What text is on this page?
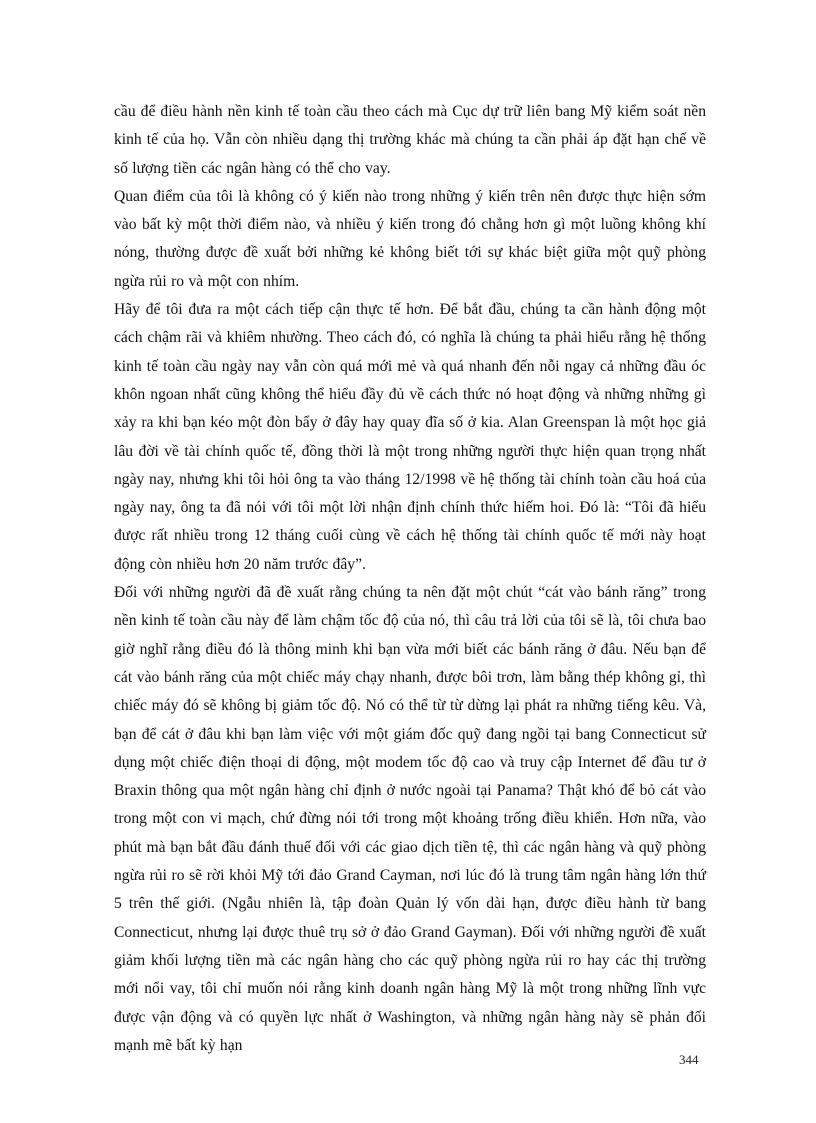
cầu để điều hành nền kinh tế toàn cầu theo cách mà Cục dự trữ liên bang Mỹ kiểm soát nền kinh tế của họ. Vẫn còn nhiều dạng thị trường khác mà chúng ta cần phải áp đặt hạn chế về số lượng tiền các ngân hàng có thể cho vay.

Quan điểm của tôi là không có ý kiến nào trong những ý kiến trên nên được thực hiện sớm vào bất kỳ một thời điểm nào, và nhiều ý kiến trong đó chẳng hơn gì một luồng không khí nóng, thường được đề xuất bởi những kẻ không biết tới sự khác biệt giữa một quỹ phòng ngừa rủi ro và một con nhím.

Hãy để tôi đưa ra một cách tiếp cận thực tế hơn. Để bắt đầu, chúng ta cần hành động một cách chậm rãi và khiêm nhường. Theo cách đó, có nghĩa là chúng ta phải hiểu rằng hệ thống kinh tế toàn cầu ngày nay vẫn còn quá mới mẻ và quá nhanh đến nỗi ngay cả những đầu óc khôn ngoan nhất cũng không thể hiểu đầy đủ về cách thức nó hoạt động và những những gì xảy ra khi bạn kéo một đòn bẩy ở đây hay quay đĩa số ở kia. Alan Greenspan là một học giả lâu đời về tài chính quốc tế, đồng thời là một trong những người thực hiện quan trọng nhất ngày nay, nhưng khi tôi hỏi ông ta vào tháng 12/1998 về hệ thống tài chính toàn cầu hoá của ngày nay, ông ta đã nói với tôi một lời nhận định chính thức hiếm hoi. Đó là: “Tôi đã hiểu được rất nhiều trong 12 tháng cuối cùng về cách hệ thống tài chính quốc tế mới này hoạt động còn nhiều hơn 20 năm trước đây”.

Đối với những người đã đề xuất rằng chúng ta nên đặt một chút “cát vào bánh răng” trong nền kinh tế toàn cầu này để làm chậm tốc độ của nó, thì câu trả lời của tôi sẽ là, tôi chưa bao giờ nghĩ rằng điều đó là thông minh khi bạn vừa mới biết các bánh răng ở đâu. Nếu bạn để cát vào bánh răng của một chiếc máy chạy nhanh, được bôi trơn, làm bằng thép không gỉ, thì chiếc máy đó sẽ không bị giảm tốc độ. Nó có thể từ từ dừng lại phát ra những tiếng kêu. Và, bạn để cát ở đâu khi bạn làm việc với một giám đốc quỹ đang ngồi tại bang Connecticut sử dụng một chiếc điện thoại di động, một modem tốc độ cao và truy cập Internet để đầu tư ở Braxin thông qua một ngân hàng chỉ định ở nước ngoài tại Panama? Thật khó để bỏ cát vào trong một con vi mạch, chứ đừng nói tới trong một khoảng trống điều khiển. Hơn nữa, vào phút mà bạn bắt đầu đánh thuế đối với các giao dịch tiền tệ, thì các ngân hàng và quỹ phòng ngừa rủi ro sẽ rời khỏi Mỹ tới đảo Grand Cayman, nơi lúc đó là trung tâm ngân hàng lớn thứ 5 trên thế giới. (Ngẫu nhiên là, tập đoàn Quản lý vốn dài hạn, được điều hành từ bang Connecticut, nhưng lại được thuê trụ sở ở đảo Grand Gayman). Đối với những người đề xuất giảm khối lượng tiền mà các ngân hàng cho các quỹ phòng ngừa rủi ro hay các thị trường mới nổi vay, tôi chỉ muốn nói rằng kinh doanh ngân hàng Mỹ là một trong những lĩnh vực được vận động và có quyền lực nhất ở Washington, và những ngân hàng này sẽ phản đối mạnh mẽ bất kỳ hạn

344
